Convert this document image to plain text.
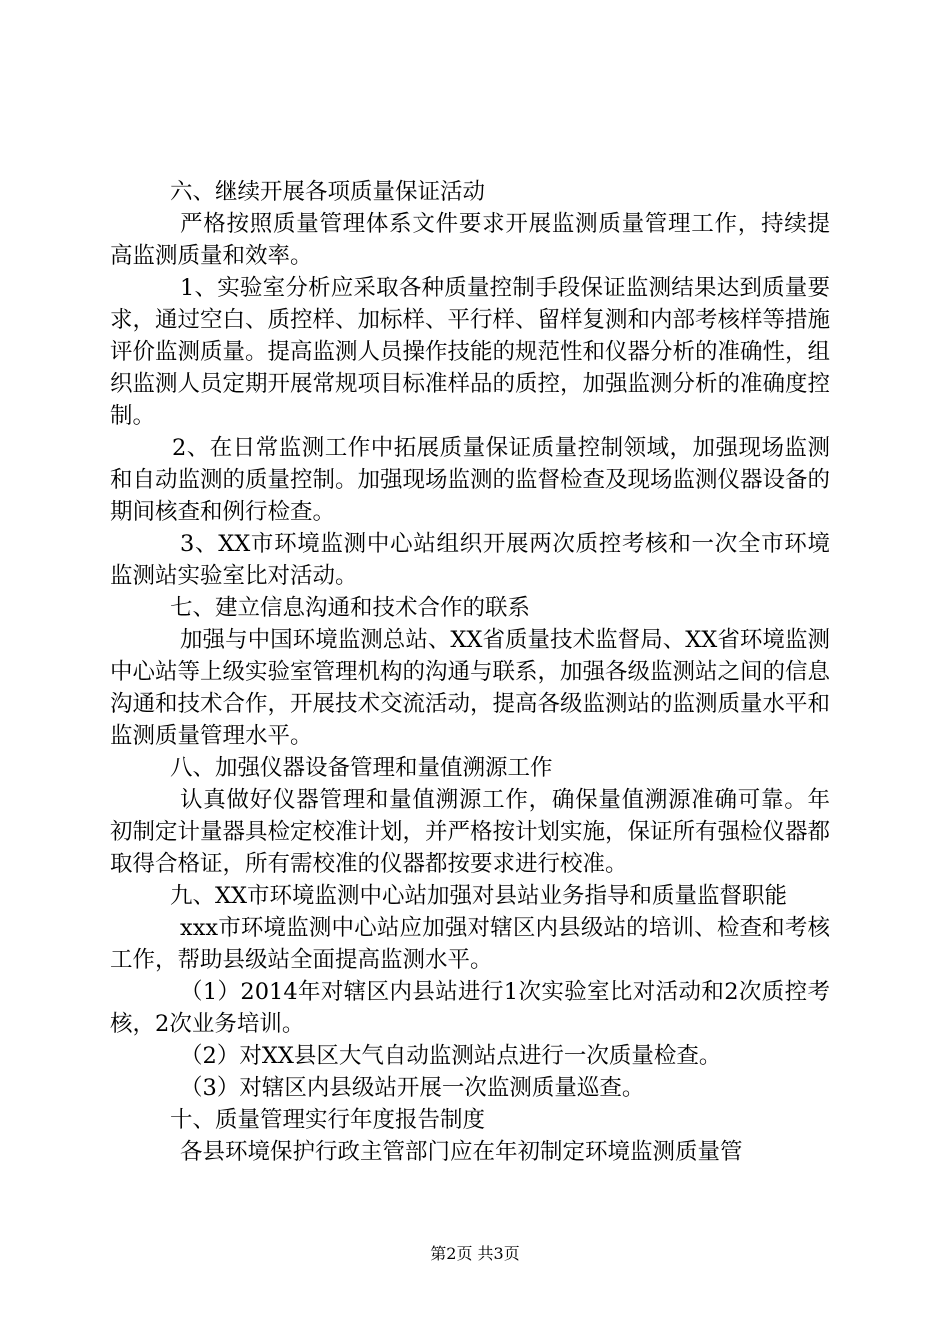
六、继续开展各项质量保证活动

严格按照质量管理体系文件要求开展监测质量管理工作，持续提高监测质量和效率。

1、实验室分析应采取各种质量控制手段保证监测结果达到质量要求，通过空白、质控样、加标样、平行样、留样复测和内部考核样等措施评价监测质量。提高监测人员操作技能的规范性和仪器分析的准确性，组织监测人员定期开展常规项目标准样品的质控，加强监测分析的准确度控制。

2、在日常监测工作中拓展质量保证质量控制领域，加强现场监测和自动监测的质量控制。加强现场监测的监督检查及现场监测仪器设备的期间核查和例行检查。

3、XX市环境监测中心站组织开展两次质控考核和一次全市环境监测站实验室比对活动。

七、建立信息沟通和技术合作的联系

加强与中国环境监测总站、XX省质量技术监督局、XX省环境监测中心站等上级实验室管理机构的沟通与联系，加强各级监测站之间的信息沟通和技术合作，开展技术交流活动，提高各级监测站的监测质量水平和监测质量管理水平。

八、加强仪器设备管理和量值溯源工作

认真做好仪器管理和量值溯源工作，确保量值溯源准确可靠。年初制定计量器具检定校准计划，并严格按计划实施，保证所有强检仪器都取得合格证，所有需校准的仪器都按要求进行校准。

九、XX市环境监测中心站加强对县站业务指导和质量监督职能

xxx市环境监测中心站应加强对辖区内县级站的培训、检查和考核工作，帮助县级站全面提高监测水平。

（1）2014年对辖区内县站进行1次实验室比对活动和2次质控考核，2次业务培训。

（2）对XX县区大气自动监测站点进行一次质量检查。

（3）对辖区内县级站开展一次监测质量巡查。

十、质量管理实行年度报告制度

各县环境保护行政主管部门应在年初制定环境监测质量管

第2页 共3页
